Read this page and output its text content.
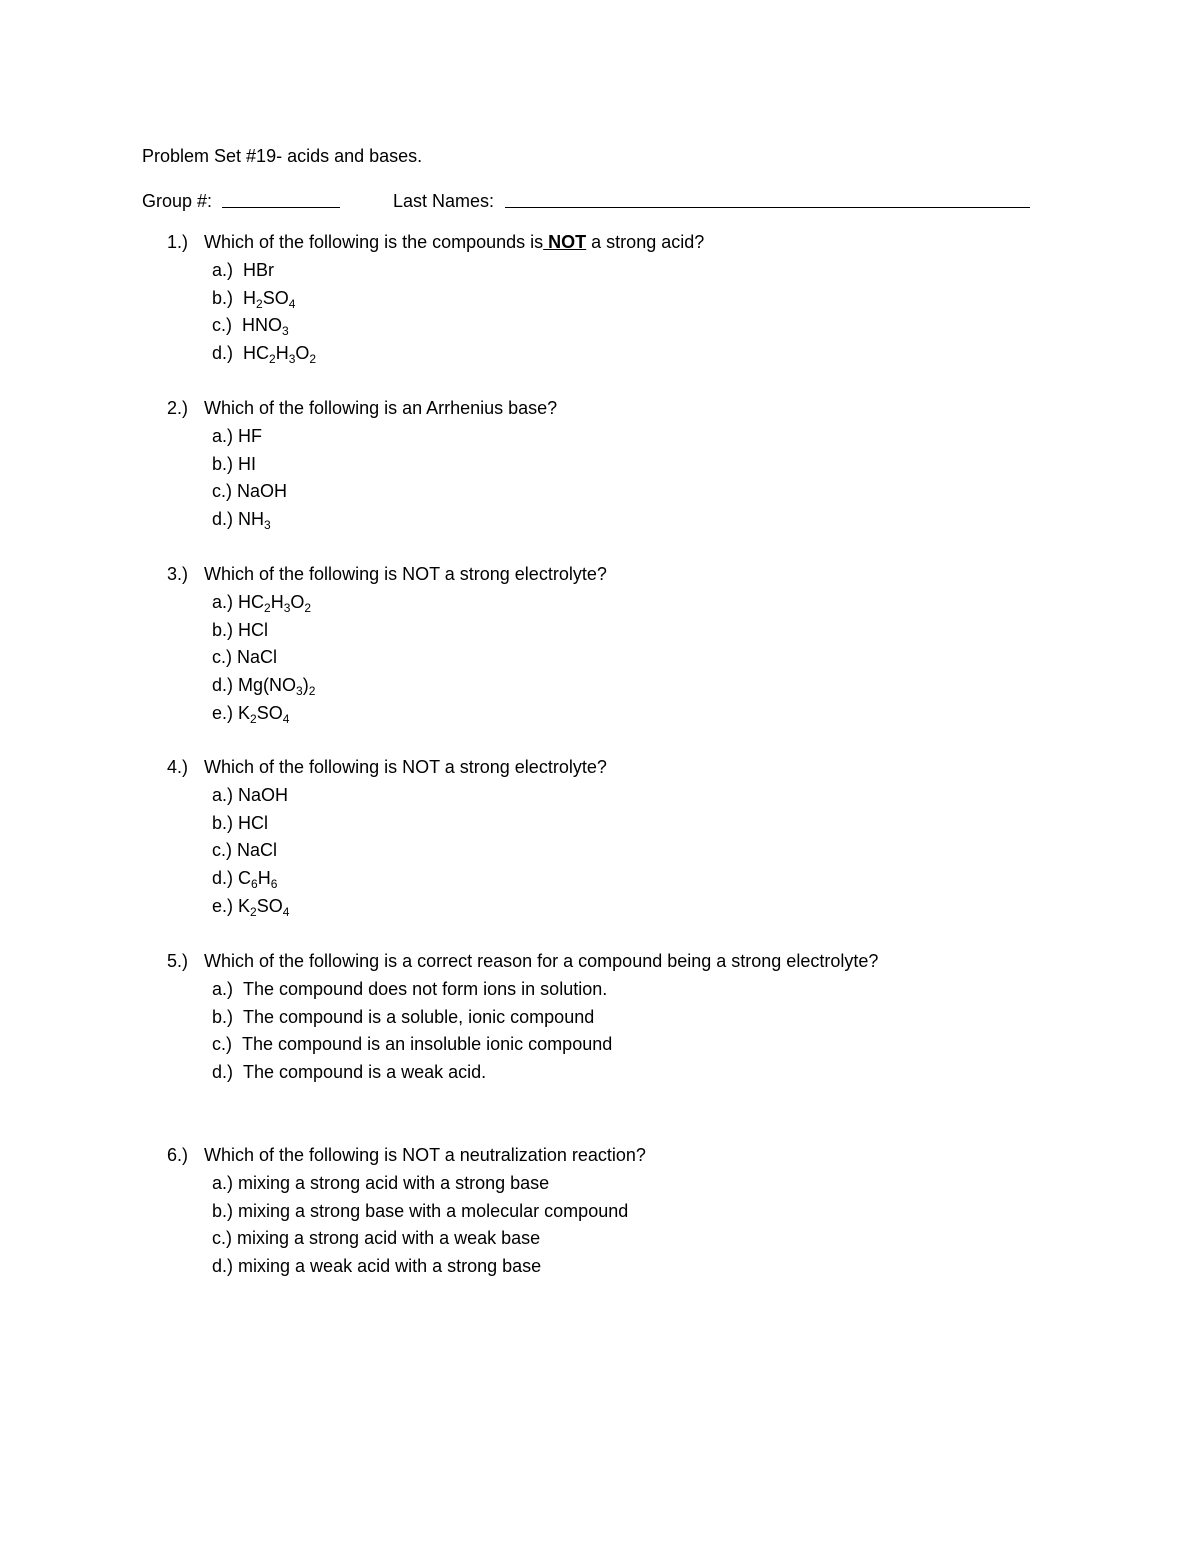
Problem Set #19- acids and bases.
Group #:	Last Names:
1.) Which of the following is the compounds is NOT a strong acid?
a.) HBr
b.) $H_2SO_4$
c.) $HNO_3$
d.) $HC_2H_3O_2$
2.) Which of the following is an Arrhenius base?
a.) HF
b.) HI
c.) NaOH
d.) $NH_3$
3.) Which of the following is NOT a strong electrolyte?
a.) $HC_2H_3O_2$
b.) HCl
c.) NaCl
d.) $Mg(NO_3)_2$
e.) $K_2SO_4$
4.) Which of the following is NOT a strong electrolyte?
a.) NaOH
b.) HCl
c.) NaCl
d.) $C_6H_6$
e.) $K_2SO_4$
5.) Which of the following is a correct reason for a compound being a strong electrolyte?
a.) The compound does not form ions in solution.
b.) The compound is a soluble, ionic compound
c.) The compound is an insoluble ionic compound
d.) The compound is a weak acid.
6.) Which of the following is NOT a neutralization reaction?
a.) mixing a strong acid with a strong base
b.) mixing a strong base with a molecular compound
c.) mixing a strong acid with a weak base
d.) mixing a weak acid with a strong base
